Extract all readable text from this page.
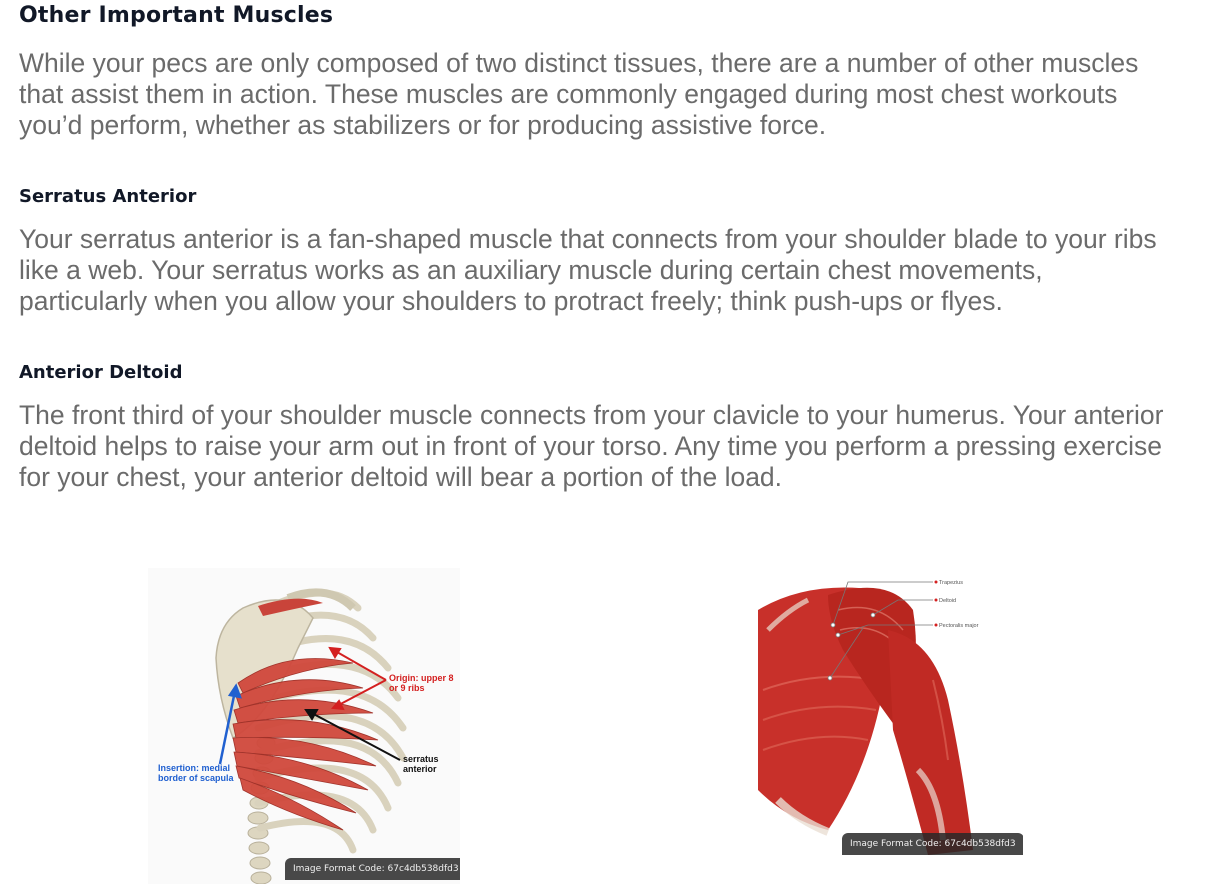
Other Important Muscles

While your pecs are only composed of two distinct tissues, there are a number of other muscles that assist them in action. These muscles are commonly engaged during most chest workouts you’d perform, whether as stabilizers or for producing assistive force.

Serratus Anterior

Your serratus anterior is a fan-shaped muscle that connects from your shoulder blade to your ribs like a web. Your serratus works as an auxiliary muscle during certain chest movements, particularly when you allow your shoulders to protract freely; think push-ups or flyes.

Anterior Deltoid

The front third of your shoulder muscle connects from your clavicle to your humerus. Your anterior deltoid helps to raise your arm out in front of your torso. Any time you perform a pressing exercise for your chest, your anterior deltoid will bear a portion of the load.

Origin: upper 8
or 9 ribs
serratus
anterior
Insertion: medial
border of scapula
Image Format Code: 67c4db538dfd3
Trapezius
Deltoid
Pectoralis major
Image Format Code: 67c4db538dfd3
